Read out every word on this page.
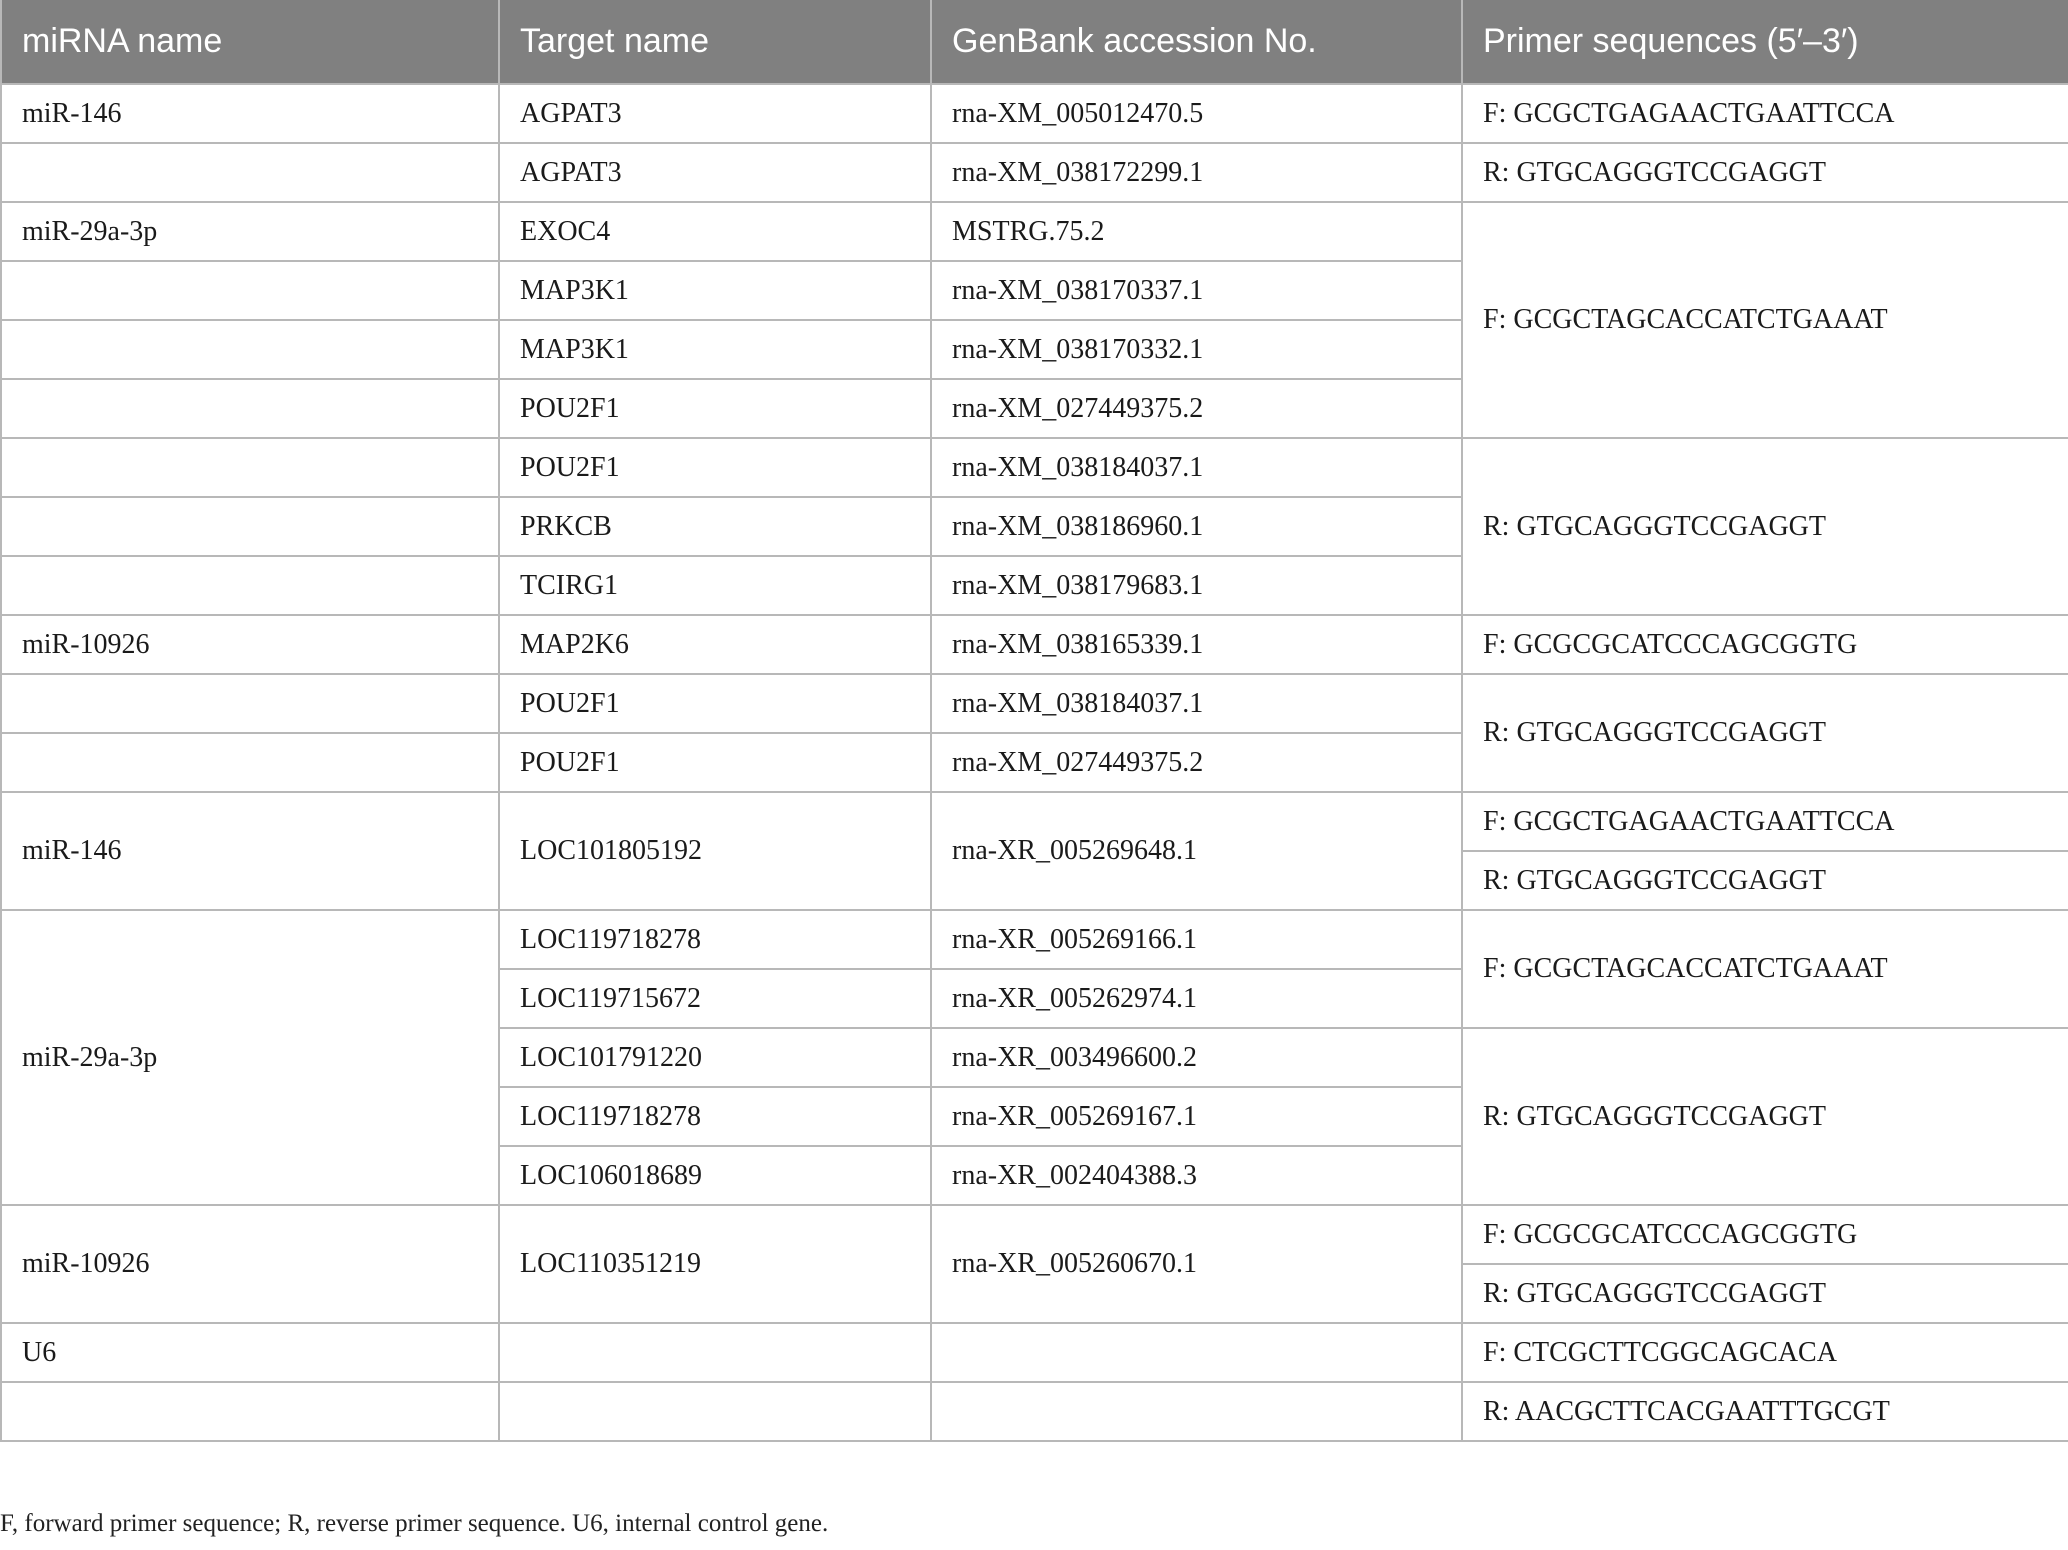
miRNA name	Target name	GenBank accession No.	Primer sequences (5′–3′)
miR-146	AGPAT3	rna-XM_005012470.5	F: GCGCTGAGAACTGAATTCCA
	AGPAT3	rna-XM_038172299.1	R: GTGCAGGGTCCGAGGT
miR-29a-3p	EXOC4	MSTRG.75.2	F: GCGCTAGCACCATCTGAAAT
	MAP3K1	rna-XM_038170337.1	
	MAP3K1	rna-XM_038170332.1	
	POU2F1	rna-XM_027449375.2	
	POU2F1	rna-XM_038184037.1	R: GTGCAGGGTCCGAGGT
	PRKCB	rna-XM_038186960.1	
	TCIRG1	rna-XM_038179683.1	
miR-10926	MAP2K6	rna-XM_038165339.1	F: GCGCGCATCCCAGCGGTG
	POU2F1	rna-XM_038184037.1	R: GTGCAGGGTCCGAGGT
	POU2F1	rna-XM_027449375.2	
miR-146	LOC101805192	rna-XR_005269648.1	F: GCGCTGAGAACTGAATTCCA
			R: GTGCAGGGTCCGAGGT
miR-29a-3p	LOC119718278	rna-XR_005269166.1	F: GCGCTAGCACCATCTGAAAT
	LOC119715672	rna-XR_005262974.1	
	LOC101791220	rna-XR_003496600.2	R: GTGCAGGGTCCGAGGT
	LOC119718278	rna-XR_005269167.1	
	LOC106018689	rna-XR_002404388.3	
miR-10926	LOC110351219	rna-XR_005260670.1	F: GCGCGCATCCCAGCGGTG
			R: GTGCAGGGTCCGAGGT
U6			F: CTCGCTTCGGCAGCACA
			R: AACGCTTCACGAATTTGCGT
F, forward primer sequence; R, reverse primer sequence. U6, internal control gene.
